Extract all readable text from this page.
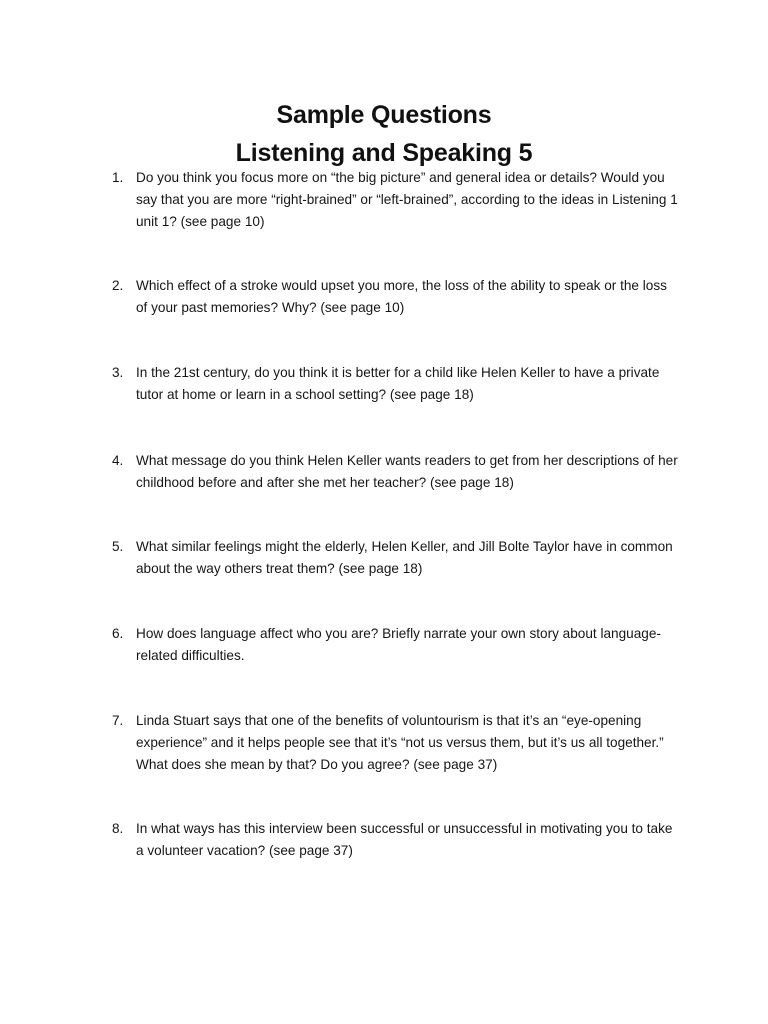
Sample Questions
Listening and Speaking 5
1. Do you think you focus more on “the big picture” and general idea or details? Would you say that you are more “right-brained” or “left-brained”, according to the ideas in Listening 1 unit 1? (see page 10)
2. Which effect of a stroke would upset you more, the loss of the ability to speak or the loss of your past memories? Why? (see page 10)
3. In the 21st century, do you think it is better for a child like Helen Keller to have a private tutor at home or learn in a school setting? (see page 18)
4. What message do you think Helen Keller wants readers to get from her descriptions of her childhood before and after she met her teacher? (see page 18)
5. What similar feelings might the elderly, Helen Keller, and Jill Bolte Taylor have in common about the way others treat them? (see page 18)
6. How does language affect who you are? Briefly narrate your own story about language-related difficulties.
7. Linda Stuart says that one of the benefits of voluntourism is that it’s an “eye-opening experience” and it helps people see that it’s “not us versus them, but it’s us all together.” What does she mean by that? Do you agree? (see page 37)
8. In what ways has this interview been successful or unsuccessful in motivating you to take a volunteer vacation? (see page 37)
